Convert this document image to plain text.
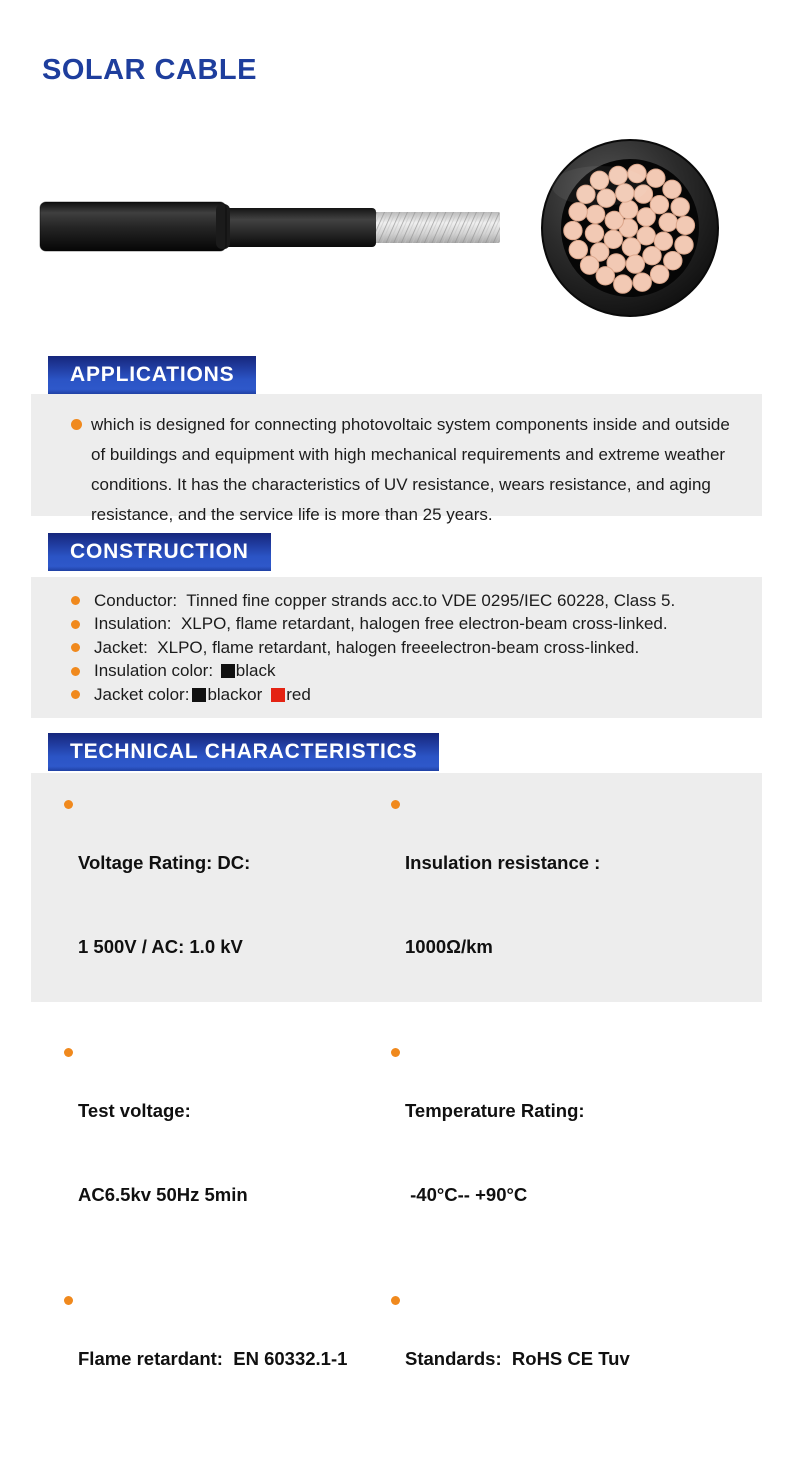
SOLAR CABLE
APPLICATIONS
which is designed for connecting photovoltaic system components inside and outside of buildings and equipment with high mechanical requirements and extreme weather conditions. It has the characteristics of UV resistance, wears resistance, and aging resistance, and the service life is more than 25 years.
CONSTRUCTION
Conductor:  Tinned fine copper strands acc.to VDE 0295/IEC 60228, Class 5.
Insulation:  XLPO, flame retardant, halogen free electron-beam cross-linked.
Jacket:  XLPO, flame retardant, halogen freeelectron-beam cross-linked.
Insulation color: black
Jacket color: blackor red
TECHNICAL CHARACTERISTICS

Voltage Rating: DC:

1 500V / AC: 1.0 kV

Insulation resistance :

1000Ω/km

Test voltage:

AC6.5kv 50Hz 5min

Temperature Rating:

-40°C-- +90°C

Flame retardant:  EN 60332.1-1

	Standards:  RoHS CE Tuv
